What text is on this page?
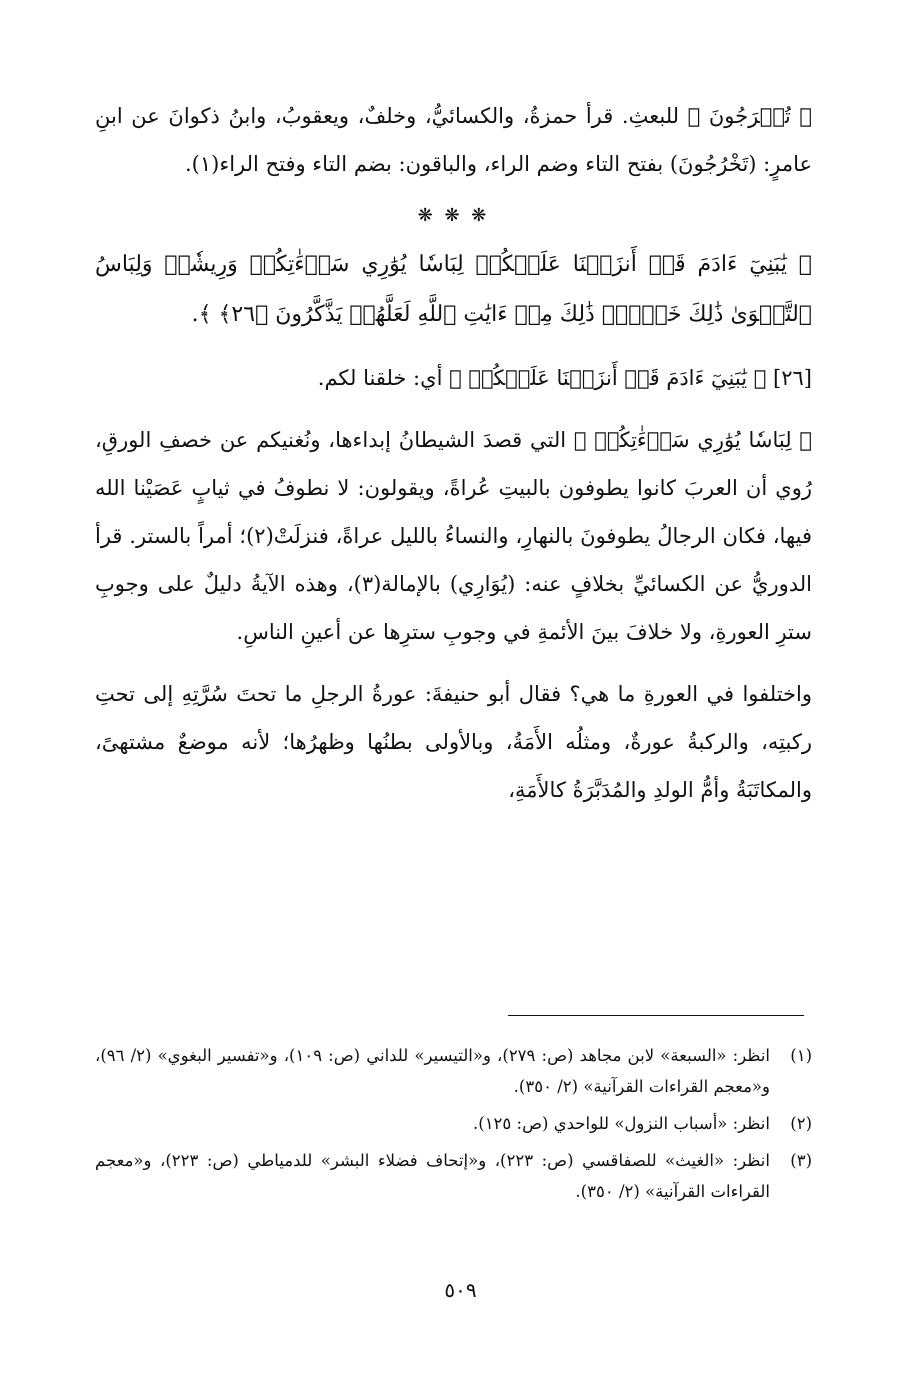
﴿ تُخۡرَجُونَ ﴾ للبعثِ. قرأ حمزةُ، والكسائيُّ، وخلفٌ، ويعقوبُ، وابنُ ذكوانَ عن ابنِ عامرٍ: (تَخْرُجُونَ) بفتح التاء وضم الراء، والباقون: بضم التاء وفتح الراء(١).

❋ ❋ ❋

﴿ يَٰبَنِيٓ ءَادَمَ قَدۡ أَنزَلۡنَا عَلَيۡكُمۡ لِبَاسٗا يُوَٰرِي سَوۡءَٰتِكُمۡ وَرِيشٗاۖ وَلِبَاسُ ٱلتَّقۡوَىٰ ذَٰلِكَ خَيۡرٞۚ ذَٰلِكَ مِنۡ ءَايَٰتِ ٱللَّهِ لَعَلَّهُمۡ يَذَّكَّرُونَ ﴿٢٦﴾ ﴾.

[٢٦] ﴿ يَٰبَنِيٓ ءَادَمَ قَدۡ أَنزَلۡنَا عَلَيۡكُمۡ ﴾ أي: خلقنا لكم.

﴿ لِبَاسٗا يُوَٰرِي سَوۡءَٰتِكُمۡ ﴾ التي قصدَ الشيطانُ إبداءها، ونُغنيكم عن خصفِ الورقِ، رُوي أن العربَ كانوا يطوفون بالبيتِ عُراةً، ويقولون: لا نطوفُ في ثيابٍ عَصَيْنا الله فيها، فكان الرجالُ يطوفونَ بالنهارِ، والنساءُ بالليل عراةً، فنزلَتْ(٢)؛ أمراً بالستر. قرأ الدوريُّ عن الكسائيِّ بخلافٍ عنه: (يُوَارِي) بالإمالة(٣)، وهذه الآيةُ دليلٌ على وجوبِ سترِ العورةِ، ولا خلافَ بينَ الأئمةِ في وجوبِ سترِها عن أعينِ الناسِ.

واختلفوا في العورةِ ما هي؟ فقال أبو حنيفةَ: عورةُ الرجلِ ما تحتَ سُرَّتِهِ إلى تحتِ ركبتِه، والركبةُ عورةٌ، ومثلُه الأَمَةُ، وبالأولى بطنُها وظهرُها؛ لأنه موضعٌ مشتهىً، والمكاتَبَةُ وأمُّ الولدِ والمُدَبَّرَةُ كالأَمَةِ،

(١)
انظر: «السبعة» لابن مجاهد (ص: ٢٧٩)، و«التيسير» للداني (ص: ١٠٩)، و«تفسير البغوي» (٢/ ٩٦)، و«معجم القراءات القرآنية» (٢/ ٣٥٠).
(٢)
انظر: «أسباب النزول» للواحدي (ص: ١٢٥).
(٣)
انظر: «الغيث» للصفاقسي (ص: ٢٢٣)، و«إتحاف فضلاء البشر» للدمياطي (ص: ٢٢٣)، و«معجم القراءات القرآنية» (٢/ ٣٥٠).
٥٠٩
